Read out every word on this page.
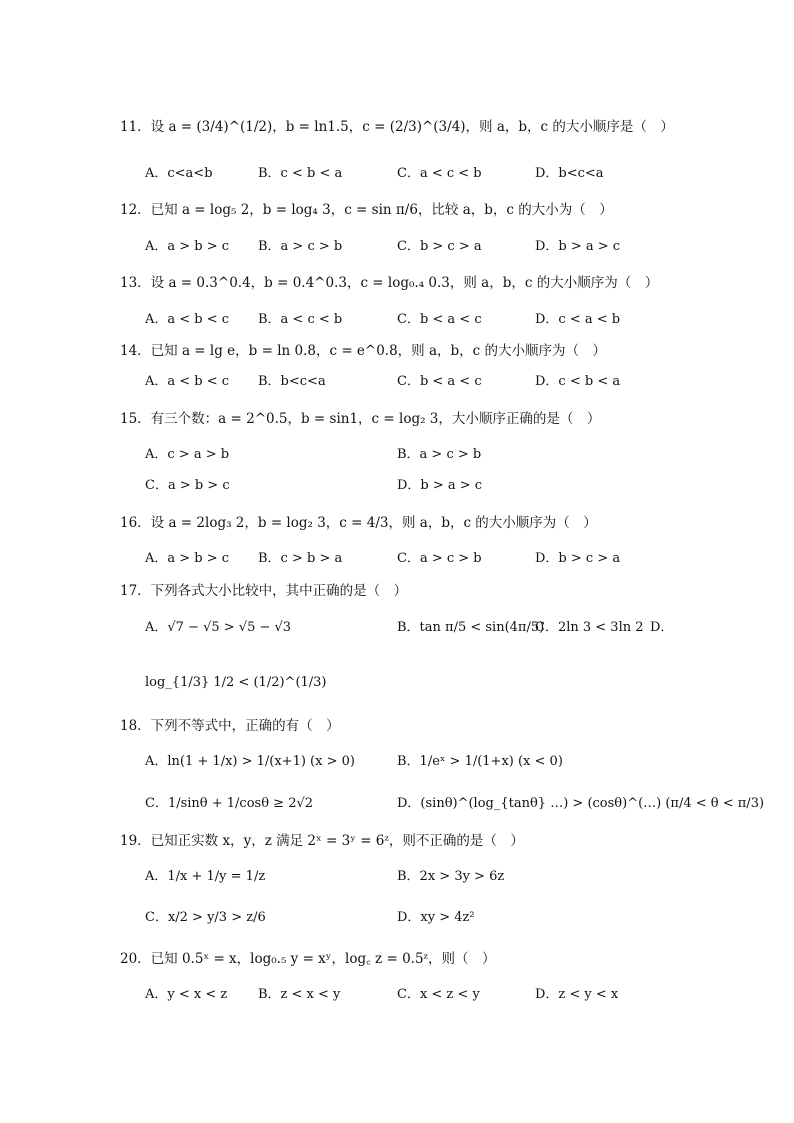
11．设 a = (3/4)^(1/2)，b = ln1.5，c = (2/3)^(3/4)，则 a，b，c 的大小顺序是（　）
A．c<a<b	B．c < b < a	C．a < c < b	D．b<c<a
12．已知 a = log₅ 2，b = log₄ 3，c = sin π/6，比较 a，b，c 的大小为（　）
A．a > b > c B．a > c > b	C．b > c > a	D．b > a > c
13．设 a = 0.3^0.4，b = 0.4^0.3，c = log₀.₄ 0.3，则 a，b，c 的大小顺序为（　）
A．a < b < c B．a < c < b	C．b < a < c	D．c < a < b
14．已知 a = lg e，b = ln 0.8，c = e^0.8，则 a，b，c 的大小顺序为（　）
A．a < b < c B．b<c<a	C．b < a < c	D．c < b < a
15．有三个数：a = 2^0.5，b = sin1，c = log₂ 3，大小顺序正确的是（　）
A．c > a > b	B．a > c > b
C．a > b > c	D．b > a > c
16．设 a = 2log₃ 2，b = log₂ 3，c = 4/3，则 a，b，c 的大小顺序为（　）
A．a > b > c B．c > b > a	C．a > c > b	D．b > c > a
17．下列各式大小比较中，其中正确的是（　）
A．√7 − √5 > √5 − √3	B．tan π/5 < sin(4π/5)
C．2ln 3 < 3ln 2 D．
log_{1/3} 1/2 < (1/2)^(1/3)
18．下列不等式中，正确的有（　）
A．ln(1 + 1/x) > 1/(x+1) (x > 0)	B．1/eˣ > 1/(1+x) (x < 0)
C．1/sinθ + 1/cosθ ≥ 2√2	D．(sinθ)^(log_{tanθ} …) > (cosθ)^(…) (π/4 < θ < π/3)
19．已知正实数 x，y，z 满足 2ˣ = 3ʸ = 6ᶻ，则不正确的是（　）
A．1/x + 1/y = 1/z	B．2x > 3y > 6z
C．x/2 > y/3 > z/6	D．xy > 4z²
20．已知 0.5ˣ = x，log₀.₅ y = xʸ，log꜀ z = 0.5ᶻ，则（　）
A．y < x < z B．z < x < y	C．x < z < y	D．z < y < x
